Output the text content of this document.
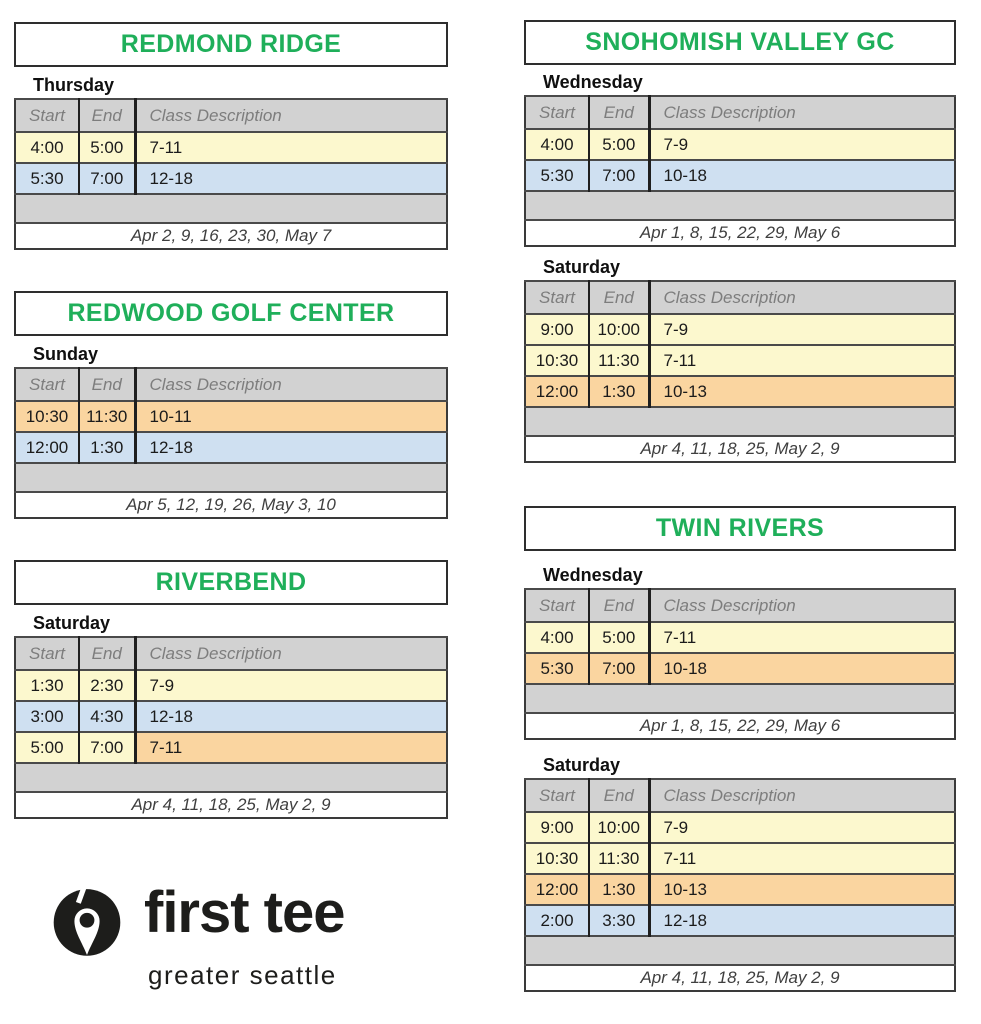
REDMOND RIDGE
Thursday
Start	End	Class Description
4:00	5:00	7-11
5:30	7:00	12-18

Apr 2, 9, 16, 23, 30, May 7		
REDWOOD GOLF CENTER
Sunday
Start	End	Class Description
10:30	11:30	10-11
12:00	1:30	12-18

Apr 5, 12, 19, 26, May 3, 10		
RIVERBEND
Saturday
Start	End	Class Description
1:30	2:30	7-9
3:00	4:30	12-18
5:00	7:00	7-11

Apr 4, 11, 18, 25, May 2, 9		
first tee
greater seattle
SNOHOMISH VALLEY GC
Wednesday
Start	End	Class Description
4:00	5:00	7-9
5:30	7:00	10-18

Apr 1, 8, 15, 22, 29, May 6		
Saturday
Start	End	Class Description
9:00	10:00	7-9
10:30	11:30	7-11
12:00	1:30	10-13

Apr 4, 11, 18, 25, May 2, 9		
TWIN RIVERS
Wednesday
Start	End	Class Description
4:00	5:00	7-11
5:30	7:00	10-18

Apr 1, 8, 15, 22, 29, May 6		
Saturday
Start	End	Class Description
9:00	10:00	7-9
10:30	11:30	7-11
12:00	1:30	10-13
2:00	3:30	12-18

Apr 4, 11, 18, 25, May 2, 9		
